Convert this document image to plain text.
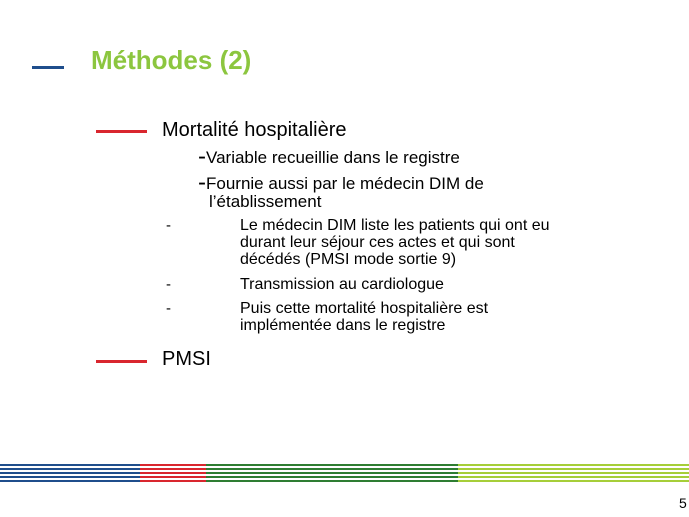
Méthodes (2)
Mortalité hospitalière
-Variable recueillie dans le registre
-Fournie aussi par le médecin DIM de
l’établissement
-	Le médecin DIM liste les patients qui ont eu
durant leur séjour ces actes et qui sont
décédés (PMSI mode sortie 9)
-	Transmission au cardiologue
-	Puis cette mortalité hospitalière est
implémentée dans le registre
PMSI
5
